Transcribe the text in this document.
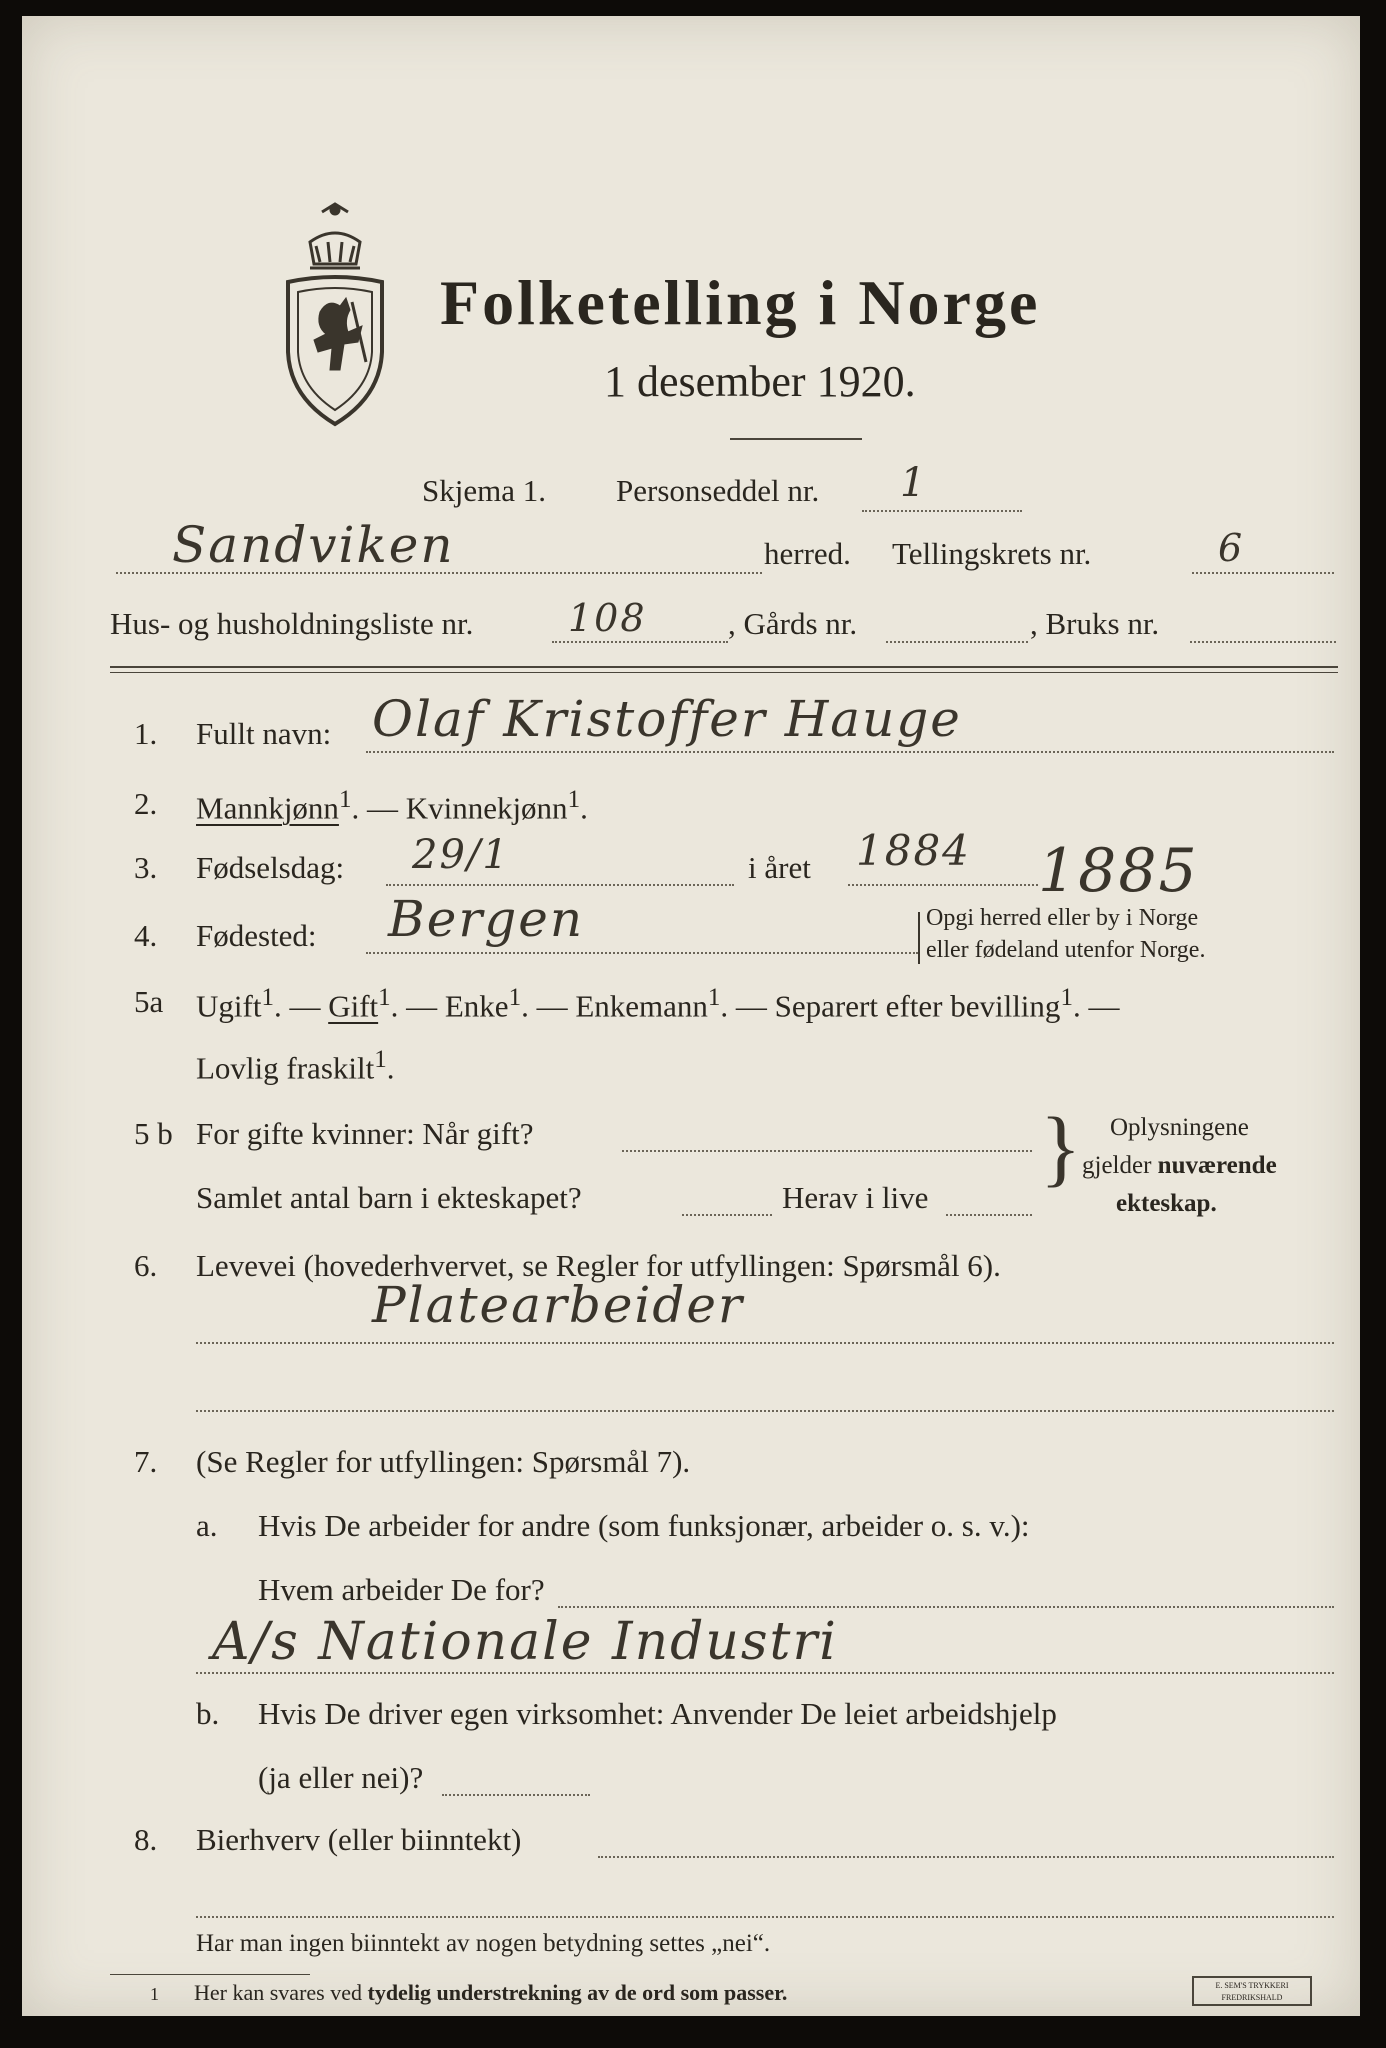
Folketelling i Norge
1 desember 1920.
Skjema 1. Personseddel nr. 1
Sandviken	herred. Tellingskrets nr.	6
Hus- og husholdningsliste nr. 108	, Gårds nr.	, Bruks nr.
1. Fullt navn: Olaf Kristoffer Hauge
2. Mannkjønn$^1$. — Kvinnekjønn$^1$.
3. Fødselsdag: 29/1	i året 1884 1885
4. Fødested: Bergen	Opgi herred eller by i Norge
eller fødeland utenfor Norge.
5a Ugift$^1$. — Gift$^1$. — Enke$^1$. — Enkemann$^1$. — Separert efter bevilling$^1$. —
Lovlig fraskilt$^1$.
5 b For gifte kvinner: Når gift?
Samlet antal barn i ekteskapet?	Herav i live
} Oplysningene
gjelder nuværende
ekteskap.
6. Levevei (hovederhvervet, se Regler for utfyllingen: Spørsmål 6).
Platearbeider
7. (Se Regler for utfyllingen: Spørsmål 7).
a. Hvis De arbeider for andre (som funksjonær, arbeider o. s. v.):
Hvem arbeider De for?
A/s Nationale Industri
b. Hvis De driver egen virksomhet: Anvender De leiet arbeidshjelp
(ja eller nei)?
8. Bierhverv (eller biinntekt)
Har man ingen biinntekt av nogen betydning settes „nei“.
1 Her kan svares ved tydelig understrekning av de ord som passer.	E. SEM'S TRYKKERI
FREDRIKSHALD
